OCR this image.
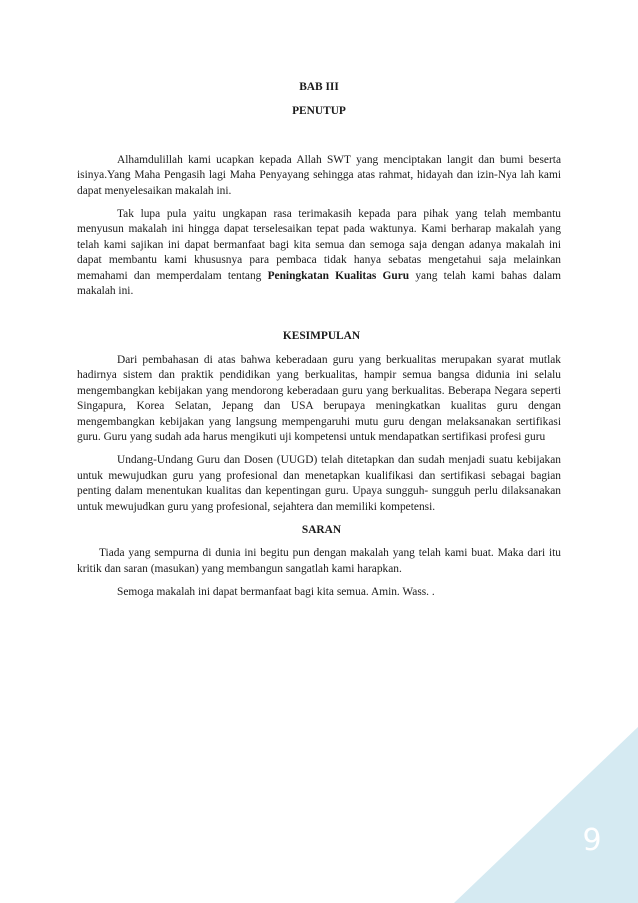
9
BAB III
PENUTUP

Alhamdulillah kami ucapkan kepada Allah SWT yang menciptakan langit dan bumi beserta isinya.Yang Maha Pengasih lagi Maha Penyayang sehingga atas rahmat, hidayah dan izin-Nya lah kami dapat menyelesaikan makalah ini.

Tak lupa pula yaitu ungkapan rasa terimakasih kepada para pihak yang telah membantu menyusun makalah ini hingga dapat terselesaikan tepat pada waktunya. Kami berharap makalah yang telah kami sajikan ini dapat bermanfaat bagi kita semua dan semoga saja dengan adanya makalah ini dapat membantu kami khususnya para pembaca tidak hanya sebatas mengetahui saja melainkan memahami dan memperdalam tentang Peningkatan Kualitas Guru yang telah kami bahas dalam makalah ini.

KESIMPULAN

Dari pembahasan di atas bahwa keberadaan guru yang berkualitas merupakan syarat mutlak hadirnya sistem dan praktik pendidikan yang berkualitas, hampir semua bangsa didunia ini selalu mengembangkan kebijakan yang mendorong keberadaan guru yang berkualitas. Beberapa Negara seperti Singapura, Korea Selatan, Jepang dan USA berupaya meningkatkan kualitas guru dengan mengembangkan kebijakan yang langsung mempengaruhi mutu guru dengan melaksanakan sertifikasi guru. Guru yang sudah ada harus mengikuti uji kompetensi untuk mendapatkan sertifikasi profesi guru

Undang-Undang Guru dan Dosen (UUGD) telah ditetapkan dan sudah menjadi suatu kebijakan untuk mewujudkan guru yang profesional dan menetapkan kualifikasi dan sertifikasi sebagai bagian penting dalam menentukan kualitas dan kepentingan guru. Upaya sungguh- sungguh perlu dilaksanakan untuk mewujudkan guru yang profesional, sejahtera dan memiliki kompetensi.

SARAN

Tiada yang sempurna di dunia ini begitu pun dengan makalah yang telah kami buat. Maka dari itu kritik dan saran (masukan) yang membangun sangatlah kami harapkan.

Semoga makalah ini dapat bermanfaat bagi kita semua. Amin. Wass. .
